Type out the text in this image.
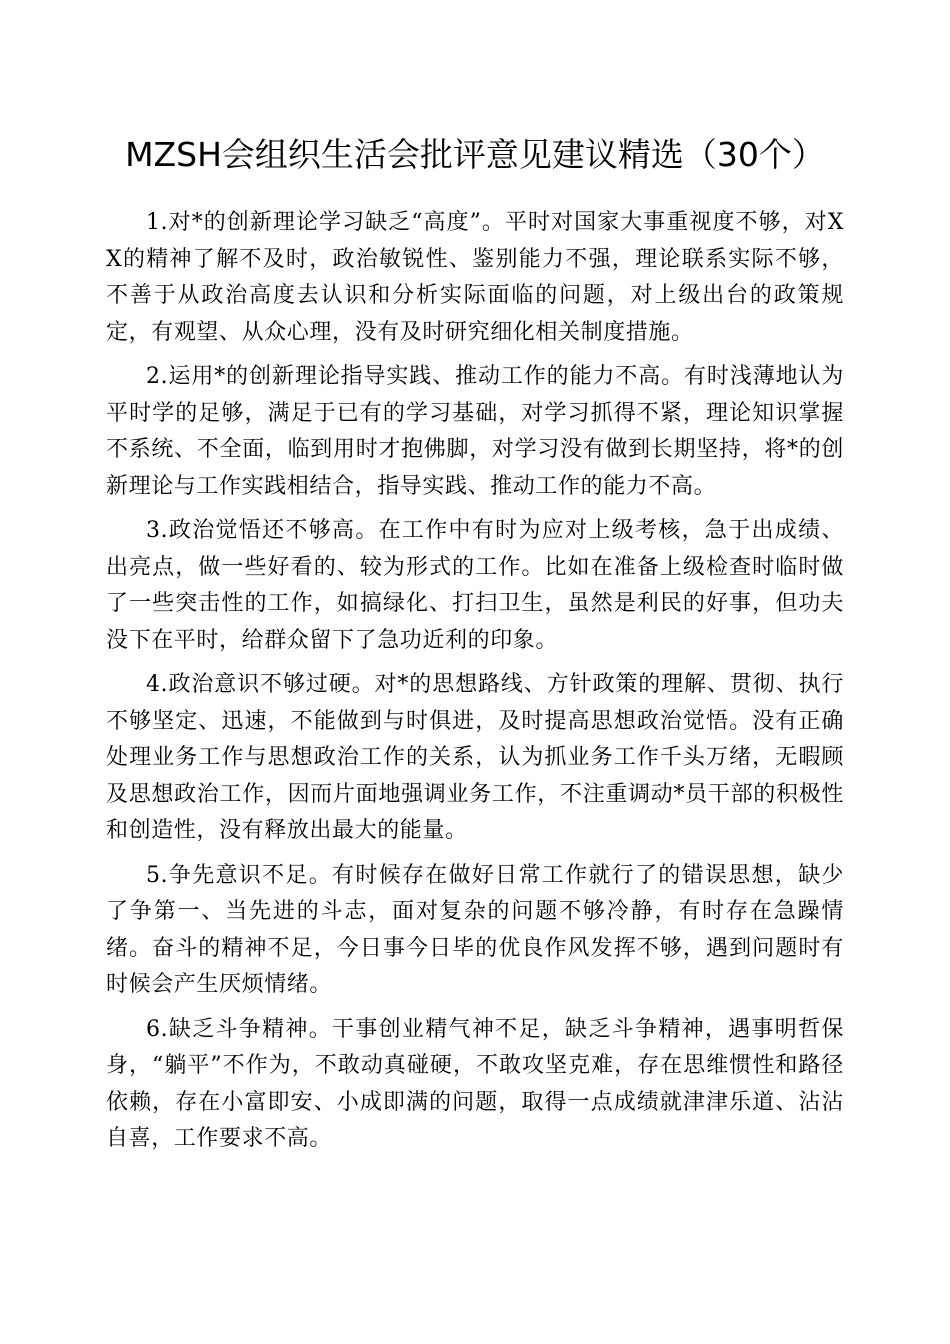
MZSH会组织生活会批评意见建议精选（30个）

1.对*的创新理论学习缺乏“高度”。平时对国家大事重视度不够，对XX的精神了解不及时，政治敏锐性、鉴别能力不强，理论联系实际不够，不善于从政治高度去认识和分析实际面临的问题，对上级出台的政策规定，有观望、从众心理，没有及时研究细化相关制度措施。

2.运用*的创新理论指导实践、推动工作的能力不高。有时浅薄地认为平时学的足够，满足于已有的学习基础，对学习抓得不紧，理论知识掌握不系统、不全面，临到用时才抱佛脚，对学习没有做到长期坚持，将*的创新理论与工作实践相结合，指导实践、推动工作的能力不高。

3.政治觉悟还不够高。在工作中有时为应对上级考核，急于出成绩、出亮点，做一些好看的、较为形式的工作。比如在准备上级检查时临时做了一些突击性的工作，如搞绿化、打扫卫生，虽然是利民的好事，但功夫没下在平时，给群众留下了急功近利的印象。

4.政治意识不够过硬。对*的思想路线、方针政策的理解、贯彻、执行不够坚定、迅速，不能做到与时俱进，及时提高思想政治觉悟。没有正确处理业务工作与思想政治工作的关系，认为抓业务工作千头万绪，无暇顾及思想政治工作，因而片面地强调业务工作，不注重调动*员干部的积极性和创造性，没有释放出最大的能量。

5.争先意识不足。有时候存在做好日常工作就行了的错误思想，缺少了争第一、当先进的斗志，面对复杂的问题不够冷静，有时存在急躁情绪。奋斗的精神不足，今日事今日毕的优良作风发挥不够，遇到问题时有时候会产生厌烦情绪。

6.缺乏斗争精神。干事创业精气神不足，缺乏斗争精神，遇事明哲保身，“躺平”不作为，不敢动真碰硬，不敢攻坚克难，存在思维惯性和路径依赖，存在小富即安、小成即满的问题，取得一点成绩就津津乐道、沾沾自喜，工作要求不高。
